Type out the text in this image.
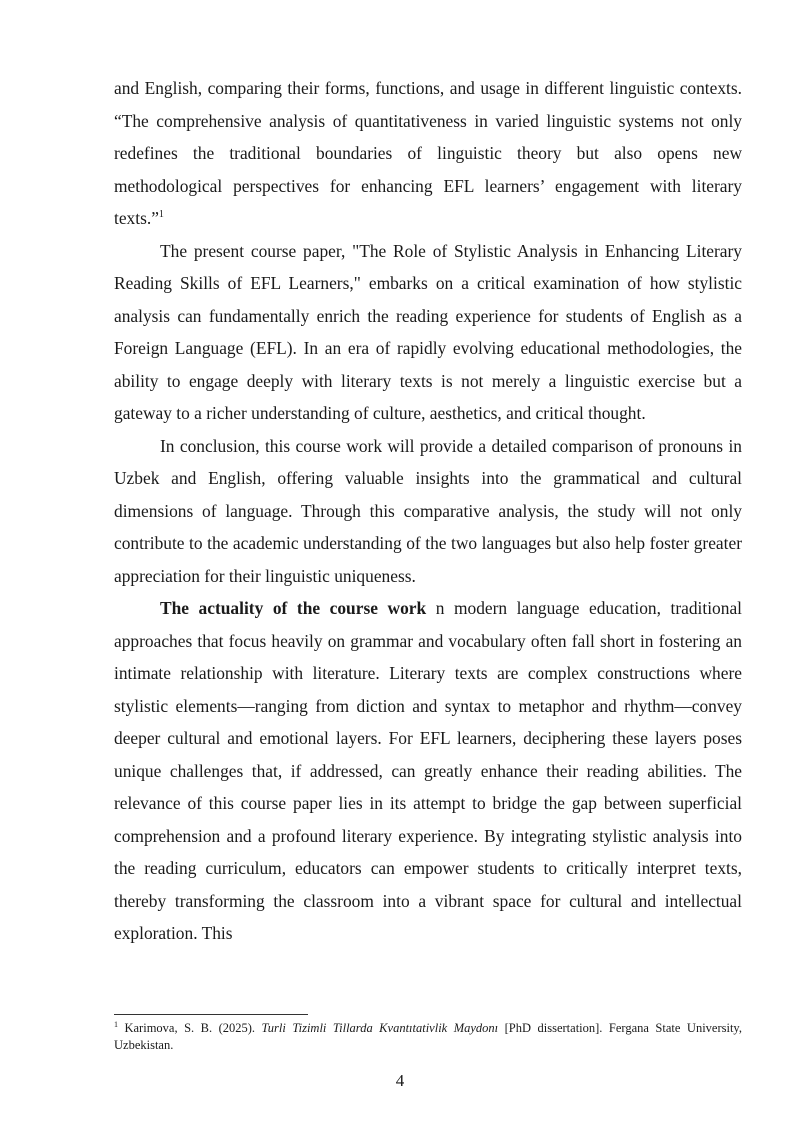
and English, comparing their forms, functions, and usage in different linguistic contexts. “The comprehensive analysis of quantitativeness in varied linguistic systems not only redefines the traditional boundaries of linguistic theory but also opens new methodological perspectives for enhancing EFL learners’ engagement with literary texts.”$^1$

The present course paper, "The Role of Stylistic Analysis in Enhancing Literary Reading Skills of EFL Learners," embarks on a critical examination of how stylistic analysis can fundamentally enrich the reading experience for students of English as a Foreign Language (EFL). In an era of rapidly evolving educational methodologies, the ability to engage deeply with literary texts is not merely a linguistic exercise but a gateway to a richer understanding of culture, aesthetics, and critical thought.

In conclusion, this course work will provide a detailed comparison of pronouns in Uzbek and English, offering valuable insights into the grammatical and cultural dimensions of language. Through this comparative analysis, the study will not only contribute to the academic understanding of the two languages but also help foster greater appreciation for their linguistic uniqueness.

The actuality of the course work n modern language education, traditional approaches that focus heavily on grammar and vocabulary often fall short in fostering an intimate relationship with literature. Literary texts are complex constructions where stylistic elements—ranging from diction and syntax to metaphor and rhythm—convey deeper cultural and emotional layers. For EFL learners, deciphering these layers poses unique challenges that, if addressed, can greatly enhance their reading abilities. The relevance of this course paper lies in its attempt to bridge the gap between superficial comprehension and a profound literary experience. By integrating stylistic analysis into the reading curriculum, educators can empower students to critically interpret texts, thereby transforming the classroom into a vibrant space for cultural and intellectual exploration. This

$^1$ Karimova, S. B. (2025). Turli Tizimli Tillarda Kvantıtativlik Maydonı [PhD dissertation]. Fergana State University, Uzbekistan.
4
